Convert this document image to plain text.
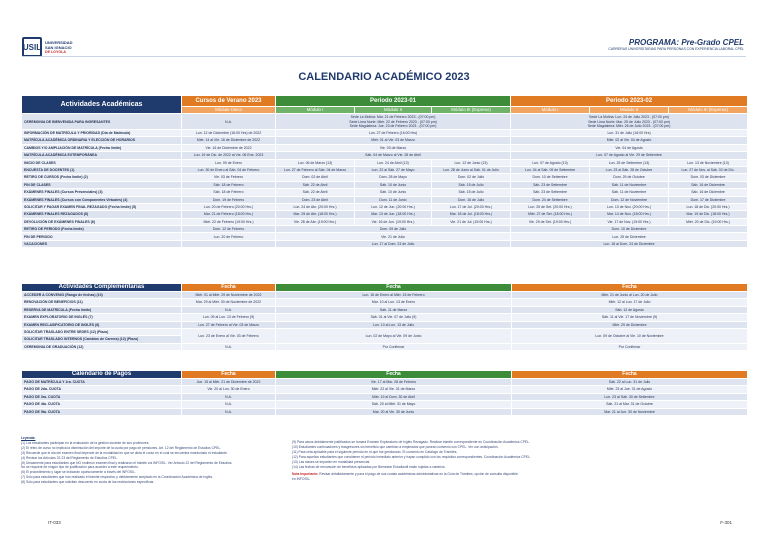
USIL
UNIVERSIDAD
SAN IGNACIO
DE LOYOLA
PROGRAMA: Pre-Grado CPEL
CARRERAS UNIVERSITARIAS PARA PERSONAS CON EXPERIENCIA LABORAL CPEL
CALENDARIO ACADÉMICO 2023
Actividades Académicas	Cursos de Verano 2023	Periodo 2023-01			Periodo 2023-02		
	Módulo Único	Módulo I	Módulo II	Módulo III (Expreso)	Módulo I	Módulo II	Módulo III (Expreso)
CEREMONIA DE BIENVENIDA PARA INGRESANTES	N.A.	Sede La Molina: Mar. 21 de Febrero 2023 - (07:00 pm)
Sede Lima Norte: Miér. 22 de Febrero 2023 - (07:00 pm)
Sede Magdalena: Jue. 23 de Febrero 2023 - (07:00 pm)			Sede La Molina: Lun. 24 de Julio 2023 - (07:00 pm)
Sede Lima Norte: Mar. 25 de Julio 2023 - (07:00 pm)
Sede Magdalena: Miér. 26 de Julio 2023 - (07:00 pm)		
INFORMACIÓN DE MATRÍCULA Y PRIORIDAD (Día de Matrícula)	Lun. 12 de Diciembre (16:00 Hrs) de 2022	Lun. 27 de Febrero (16:00 Hrs)			Lun. 31 de Julio (16:00 Hrs)		
MATRÍCULA ACADÉMICA ORDINARIA Y ELECCIÓN DE HORARIOS	Miér. 14 al Vie. 16 de Diciembre de 2022	Miér. 01 al Vie. 03 de Marzo			Miér. 02 al Vie. 04 de Agosto		
CAMBIOS Y/O AMPLIACIÓN DE MATRÍCULA (Fecha límite)	Vie. 16 de Diciembre de 2022	Vie. 03 de Marzo			Vie. 04 de Agosto		
MATRÍCULA ACADÉMICA EXTEMPORÁNEA	Lun. 19 de Dic. de 2022 al Vie. 06 Ene. 2023	Sáb. 04 de Marzo al Vie. 28 de Abril			Lun. 07 de Agosto al Vie. 29 de Setiembre		
INICIO DE CLASES	Lun. 09 de Enero	Lun. 06 de Marzo (13)	Lun. 24 de Abril (13)	Lun. 12 de Junio (13)	Lun. 07 de Agosto (13)	Lun. 25 de Setiembre (13)	Lun. 13 de Noviembre (13)
ENCUESTA DE DOCENTES (1)	Lun. 30 de Enero al Sáb. 04 de Febrero	Lun. 27 de Febrero al Sáb. 04 de Marzo	Lun. 22 al Sáb. 27 de Mayo	Lun. 28 de Junio al Sáb. 01 de Julio	Lun. 04 al Sáb. 09 de Setiembre	Lun. 23 al Sáb. 28 de Octubre	Lun. 27 de Nov. al Sáb. 02 de Dic.
RETIRO DE CURSOS (Fecha límite) (2)	Vie. 03 de Febrero	Dom. 02 de Abril	Dom. 28 de Mayo	Dom. 02 de Julio	Dom. 10 de Setiembre	Dom. 29 de Octubre	Dom. 03 de Diciembre
FIN DE CLASES	Sáb. 18 de Febrero	Sáb. 22 de Abril	Sáb. 10 de Junio	Sáb. 15 de Julio	Sáb. 23 de Setiembre	Sáb. 11 de Noviembre	Sáb. 16 de Diciembre
EXÁMENES FINALES (Cursos Presenciales) (3)	Sáb. 18 de Febrero	Sáb. 22 de Abril	Sáb. 10 de Junio	Sáb. 15 de Julio	Sáb. 23 de Setiembre	Sáb. 11 de Noviembre	Sáb. 16 de Diciembre
EXÁMENES FINALES (Cursos con Componentes Virtuales) (4)	Dom. 19 de Febrero	Dom. 23 de Abril	Dom. 11 de Junio	Dom. 16 de Julio	Dom. 24 de Setiembre	Dom. 12 de Noviembre	Dom. 17 de Diciembre
SOLICITAR Y PAGAR EXAMEN FINAL REZAGADO (Fecha límite) (5)	Lun. 20 de Febrero (20:00 Hrs.)	Lun. 24 de Abr. (20:00 Hrs.)	Lun. 12 de Jun. (20:00 Hrs.)	Lun. 17 de Jul. (20:00 Hrs.)	Lun. 25 de Set. (20:00 Hrs.)	Lun. 13 de Nov. (20:00 Hrs.)	Lun. 18 de Dic. (20:00 Hrs.)
EXÁMENES FINALES REZAGADOS (6)	Mar. 21 de Febrero (18:00 Hrs.)	Mar. 25 de Abr. (18:00 Hrs.)	Mar. 13 de Jun. (18:00 Hrs.)	Mar. 18 de Jul. (18:00 Hrs.)	Miér. 27 de Set. (18:00 Hrs.)	Mar. 14 de Nov. (18:00 Hrs.)	Mar. 19 de Dic. (18:00 Hrs.)
DEVOLUCIÓN DE EXÁMENES FINALES (6)	Miér. 22 de Febrero (19:00 Hrs.)	Vie. 28 de Abr. (19:00 Hrs.)	Vie. 16 de Jun. (19:00 Hrs.)	Vie. 21 de Jul. (19:00 Hrs.)	Vie. 29 de Set. (19:00 Hrs.)	Vie. 17 de Nov. (19:00 Hrs.)	Miér. 20 de Dic. (19:00 Hrs.)
RETIRO DE PERIODO (Fecha límite)	Dom. 12 de Febrero	Dom. 09 de Julio			Dom. 10 de Diciembre		
FIN DE PERIODO	Lun. 20 de Febrero	Vie. 21 de Julio			Lun. 25 de Diciembre		
VACACIONES		Lun. 17 al Dom. 23 de Julio			Lun. 18 al Dom. 24 de Diciembre		
Actividades Complementarias	Fecha	Fecha	Fecha
ACCEDER A CONVENIO (Rango de fechas) (10)	Miér. 01 al Miér. 29 de Noviembre de 2022	Lun. 16 de Enero al Miér. 15 de Febrero	Miér. 21 de Junio al Lun. 20 de Julio
RENOVACIÓN DE BENEFICIOS (11)	Mar. 29 al Miér. 30 de Noviembre de 2022	Mar. 10 al Lun. 13 de Enero	Miér. 12 al Lun. 17 de Julio
RESERVA DE MATRÍCULA (Fecha límite)	N.A.	Sáb. 11 de Marzo	Sáb. 12 de Agosto
EXAMEN EXPLORATORIO DE INGLÉS (7)	Lun. 09 al Lun. 13 de Febrero (9)	Sáb. 01 al Vie. 07 de Julio (9)	Sáb. 11 al Vie. 17 de Noviembre (9)
EXAMEN RECLASIFICATORIO DE INGLÉS (8)	Lun. 27 de Febrero al Vie. 03 de Marzo	Lun. 10 al Lun. 13 de Julio	Miér. 29 de Diciembre
SOLICITAR TRASLADO ENTRE SEDES (12) (Plazo)	Lun. 23 de Enero al Vie. 03 de Febrero	Lun. 02 de Mayo al Vie. 09 de Junio	Lun. 09 de Octubre al Vie. 10 de Noviembre
SOLICITAR TRASLADO INTERNOS (Cambios de Carrera) (12) (Plazo)			
CEREMONIA DE GRADUACIÓN (12)	N.A.	Por Confirmar	Por Confirmar
Calendario de Pagos	Fecha	Fecha	Fecha
PAGO DE MATRÍCULA Y 1ra. CUOTA	Jue. 15 al Miér. 21 de Diciembre de 2022	Vie. 17 al Mar. 28 de Febrero	Sáb. 22 al Lun. 31 de Julio
PAGO DE 2da. CUOTA	Vie. 20 al Lun. 30 de Enero	Miér. 22 al Vie. 31 de Marzo	Miér. 23 al Jue. 31 de Agosto
PAGO DE 3ra. CUOTA	N.A.	Miér. 19 al Dom. 30 de Abril	Lun. 23 al Sáb. 30 de Setiembre
PAGO DE 4ta. CUOTA	N.A.	Sáb. 20 al Miér. 31 de Mayo	Sáb. 21 al Mar. 31 de Octubre
PAGO DE 5ta. CUOTA	N.A.	Mar. 20 al Vie. 30 de Junio	Mar. 21 al Jue. 30 de Noviembre
Leyenda:
(1) Los estudiantes participan en la evaluación de la gestión docente de sus profesores.
(2) El retiro de curso no implica la disminución del importe de la cuota por pago de pensiones. Art. 12 del Reglamento de Estudios CPEL.
(3) Recuerde que el día del examen final depende de la modalidad en que se dicta el curso en el cual se encuentra matriculado el estudiante.
(4) Revisar los Artículos 22-23 del Reglamento de Estudios CPEL.
(5) Únicamente para estudiantes que NO rindieron examen final y realizaron el trámite vía INFOSIL. Ver Artículo 22 del Reglamento de Estudios.
No se requiere de ningún tipo de justificación para acceder a este requerimiento.
(6) El procedimiento y lugar se indicarán oportunamente a través del INFOSIL.
(7) Sólo para estudiantes que han realizado el trámite respectivo y debidamente aceptado en la Coordinación Académica de Inglés.
(8) Sólo para estudiantes que solicitan descuento en cuota de las restricciones específicas.
(9) Para casos debidamente justificados se tomará Examen Exploratorio de Inglés Rezagado. Realizar trámite correspondiente en Coordinación Académica CPEL.
(10) Estudiantes continuadores y trasgresores sin beneficio que cambian a empleados que posean convenio con CPEL. Ver con anticipación.
(11) Para ceta aplicable para el siguiente periodo en el que fue gestionado. El convenio en Catálogo de Trámites.
(12) Para aquellos estudiantes que consideren el periodo inmediato anterior y hayan cumplido con los requisitos correspondientes. Coordinación Académica CPEL.
(13) Las clases se imparten en modalidad presencial.
(14) Las fechas de renovación de beneficios aplicadas por Bienestar Estudiantil están sujetas a cambios.
Nota Importante: Revisar detalladamente y para el pago de sus cuotas académicas administrativas en la Guía de Trámites, opción de consulta disponible en INFOSIL.
IT-033	F-301
